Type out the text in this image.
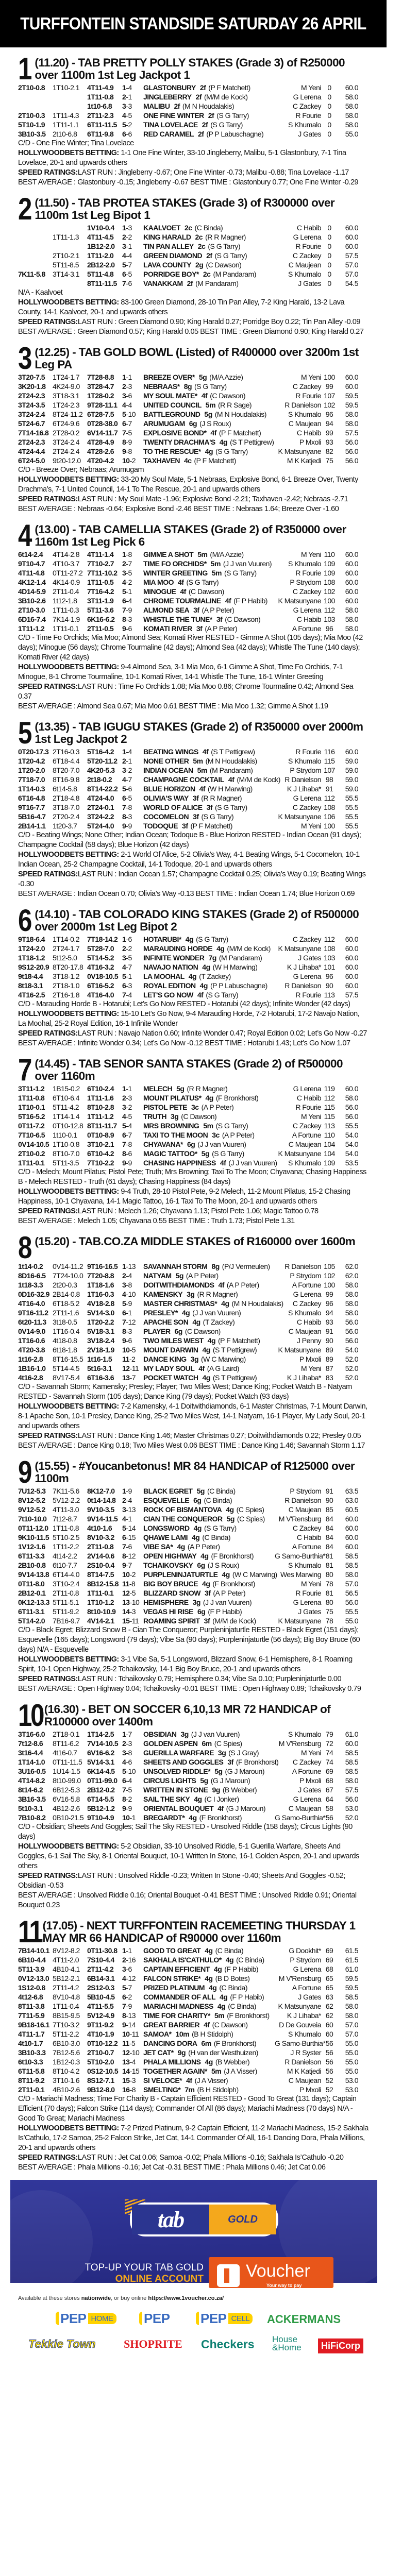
TURFFONTEIN STANDSIDE SATURDAY 26 APRIL
1 (11.20) - TAB PRETTY POLLY STAKES (Grade 3) of R250000 over 1100m 1st Leg Jackpot 1
2T10-0.8	1T10-2.1	4T11-4.9	1-4	GLASTONBURY 2f (P F Matchett)	M Yeni	0	60.0
		1T11-0.8	2-1	JINGLEBERRY 2f (M/M de Kock)	G Lerena	0	58.0
		1t10-6.8	3-3	MALIBU 2f (M N Houdalakis)	C Zackey	0	58.0
2T10-0.3	1T11-4.3	2T11-2.3	4-5	ONE FINE WINTER 2f (S G Tarry)	R Fourie	0	58.0
5T10-1.9	1T11-1.1	6T11-11.5	5-2	TINA LOVELACE 2f (S G Tarry)	S Khumalo	0	58.0
3B10-3.5	2t10-6.8	6T11-9.8	6-6	RED CARAMEL 2f (P P Labuschagne)	J Gates	0	55.0

C/D - One Fine Winter; Tina Lovelace

HOLLYWOODBETS BETTING: 1-1 One Fine Winter, 33-10 Jingleberry, Malibu, 5-1 Glastonbury, 7-1 Tina Lovelace, 20-1 and upwards others

SPEED RATINGS:LAST RUN : Jingleberry -0.67; One Fine Winter -0.73; Malibu -0.88; Tina Lovelace -1.17

BEST AVERAGE : Glastonbury -0.15; Jingleberry -0.67 BEST TIME : Glastonbury 0.77; One Fine Winter -0.29

2 (11.50) - TAB PROTEA STAKES (Grade 3) of R300000 over 1100m 1st Leg Bipot 1
		1V10-0.4	1-3	KAALVOET 2c (C Binda)	C Habib	0	60.0
	1T11-1.3	4T11-4.5	2-2	KING HARALD 2c (R R Magner)	G Lerena	0	60.0
		1B12-2.0	3-1	TIN PAN ALLEY 2c (S G Tarry)	R Fourie	0	60.0
	2T10-2.1	1T11-2.0	4-4	GREEN DIAMOND 2f (S G Tarry)	C Zackey	0	57.5
	5T11-8.5	2B12-2.0	5-7	LAVA COUNTY 2g (C Dawson)	C Maujean	0	57.0
7K11-5.8	3T14-3.1	5T11-4.8	6-5	PORRIDGE BOY* 2c (M Pandaram)	S Khumalo	0	57.0
		8T11-11.5	7-6	VANAKKAM 2f (M Pandaram)	J Gates	0	54.5

N/A - Kaalvoet

HOLLYWOODBETS BETTING: 83-100 Green Diamond, 28-10 Tin Pan Alley, 7-2 King Harald, 13-2 Lava County, 14-1 Kaalvoet, 20-1 and upwards others

SPEED RATINGS:LAST RUN : Green Diamond 0.90; King Harald 0.27; Porridge Boy 0.22; Tin Pan Alley -0.09

BEST AVERAGE : Green Diamond 0.57; King Harald 0.05 BEST TIME : Green Diamond 0.90; King Harald 0.27

3 (12.25) - TAB GOLD BOWL (Listed) of R400000 over 3200m 1st Leg PA
3T20-7.5	1T24-1.7	7T28-8.8	1-1	BREEZE OVER* 5g (M/A Azzie)	M Yeni	100	60.0
3K20-1.8	4K24-9.0	3T28-4.7	2-3	NEBRAAS* 8g (S G Tarry)	C Zackey	99	60.0
2T24-2.3	3T18-3.1	1T28-0.2	3-6	MY SOUL MATE* 4f (C Dawson)	R Fourie	107	59.5
3T24-3.5	1T24-2.3	9T28-11.1	4-4	UNITED COUNCIL 5m (R R Sage)	R Danielson	102	59.5
3T24-2.4	8T24-11.2	6T28-7.5	5-10	BATTLEGROUND 5g (M N Houdalakis)	S Khumalo	96	58.0
5T24-6.7	6T24-9.6	0T28-38.0	6-7	ARUMUGAM 6g (J S Roux)	C Maujean	94	58.0
7T14-16.8	2T28-0.2	6V14-11.7	7-5	EXPLOSIVE BOND* 4f (P F Matchett)	C Habib	99	57.5
2T24-2.3	3T24-2.4	4T28-4.9	8-9	TWENTY DRACHMA'S 4g (S T Pettigrew)	P Mxoli	93	56.0
4T24-4.4	2T24-2.4	4T28-2.6	9-8	TO THE RESCUE* 4g (S G Tarry)	K Matsunyane	82	56.0
6T24-5.0	9t20-12.0	4T20-4.2	10-2	TAXHAVEN 4c (P F Matchett)	M K Katjedi	75	56.0

C/D - Breeze Over; Nebraas; Arumugam

HOLLYWOODBETS BETTING: 33-20 My Soul Mate, 5-1 Nebraas, Explosive Bond, 6-1 Breeze Over, Twenty Drachma’s, 7-1 United Council, 14-1 To The Rescue, 20-1 and upwards others

SPEED RATINGS:LAST RUN : My Soul Mate -1.96; Explosive Bond -2.21; Taxhaven -2.42; Nebraas -2.71

BEST AVERAGE : Nebraas -0.64; Explosive Bond -2.46 BEST TIME : Nebraas 1.64; Breeze Over -1.60

4 (13.00) - TAB CAMELLIA STAKES (Grade 2) of R350000 over 1160m 1st Leg Pick 6
6t14-2.4	4T14-2.8	4T11-1.4	1-8	GIMME A SHOT 5m (M/A Azzie)	M Yeni	110	60.0
9T10-4.7	4T10-3.7	7T10-2.7	2-7	TIME FO ORCHIDS* 5m (J J van Vuuren)	S Khumalo	109	60.0
4T11-4.8	0T11-27.2	7T11-10.2	3-5	WINTER GREETING 5m (S G Tarry)	R Fourie	109	60.0
4K12-1.4	4K14-0.9	1T11-0.5	4-2	MIA MOO 4f (S G Tarry)	P Strydom	108	60.0
4D14-5.9	2T11-0.4	7T16-4.2	5-1	MINOGUE 4f (C Dawson)	C Zackey	102	60.0
3B10-2.6	1t12-1.8	3T11-1.9	6-4	CHROME TOURMALINE 4f (F P Habib)	K Matsunyane	100	60.0
2T10-3.0	1T11-0.3	5T11-3.6	7-9	ALMOND SEA 3f (A P Peter)	G Lerena	112	58.0
6D16-7.4	7K14-1.9	6K16-6.2	8-3	WHISTLE THE TUNE* 3f (C Dawson)	C Habib	103	58.0
1T11-1.2	1T11-0.1	2T11-0.5	9-6	KOMATI RIVER 3f (A P Peter)	A Fortune	96	58.0

C/D - Time Fo Orchids; Mia Moo; Almond Sea; Komati River RESTED - Gimme A Shot (105 days); Mia Moo (42 days); Minogue (56 days); Chrome Tourmaline (42 days); Almond Sea (42 days); Whistle The Tune (140 days); Komati River (42 days)

HOLLYWOODBETS BETTING: 9-4 Almond Sea, 3-1 Mia Moo, 6-1 Gimme A Shot, Time Fo Orchids, 7-1 Minogue, 8-1 Chrome Tourmaline, 10-1 Komati River, 14-1 Whistle The Tune, 16-1 Winter Greeting

SPEED RATINGS:LAST RUN : Time Fo Orchids 1.08; Mia Moo 0.86; Chrome Tourmaline 0.42; Almond Sea 0.37

BEST AVERAGE : Almond Sea 0.67; Mia Moo 0.61 BEST TIME : Mia Moo 1.32; Gimme A Shot 1.19

5 (13.35) - TAB IGUGU STAKES (Grade 2) of R350000 over 2000m 1st Leg Jackpot 2
0T20-17.3	2T16-0.3	5T16-4.2	1-4	BEATING WINGS 4f (S T Pettigrew)	R Fourie	116	60.0
1T20-4.2	6T18-4.4	5T20-11.2	2-1	NONE OTHER 5m (M N Houdalakis)	S Khumalo	115	59.0
1T20-2.0	8T20-7.0	4K20-5.3	3-2	INDIAN OCEAN 5m (M Pandaram)	P Strydom	107	59.0
7T18-7.0	8T16-9.8	2t18-0.2	4-7	CHAMPAGNE COCKTAIL 4f (M/M de Kock)	R Danielson	98	59.0
1T14-0.3	6t14-5.8	8T14-22.2	5-6	BLUE HORIZON 4f (W H Marwing)	K J Lihaba*	91	59.0
6T16-4.8	2T18-4.8	4T24-4.0	6-5	OLIVIA'S WAY 3f (R R Magner)	G Lerena	112	55.5
9T16-7.7	3T18-7.0	2T24-0.1	7-8	WORLD OF ALICE 3f (S G Tarry)	C Zackey	108	55.5
5B16-4.7	2T20-2.4	3T24-2.2	8-3	COCOMELON 3f (S G Tarry)	K Matsunyane	106	55.5
2B14-1.1	1t20-3.7	5T24-4.0	9-9	TODOQUE 3f (P F Matchett)	M Yeni	100	55.5

C/D - Beating Wings; None Other; Indian Ocean; Todoque B - Blue Horizon RESTED - Indian Ocean (91 days); Champagne Cocktail (58 days); Blue Horizon (42 days)

HOLLYWOODBETS BETTING: 2-1 World Of Alice, 5-2 Olivia’s Way, 4-1 Beating Wings, 5-1 Cocomelon, 10-1 Indian Ocean, 25-2 Champagne Cocktail, 14-1 Todoque, 20-1 and upwards others

SPEED RATINGS:LAST RUN : Indian Ocean 1.57; Champagne Cocktail 0.25; Olivia’s Way 0.19; Beating Wings -0.30

BEST AVERAGE : Indian Ocean 0.70; Olivia’s Way -0.13 BEST TIME : Indian Ocean 1.74; Blue Horizon 0.69

6 (14.10) - TAB COLORADO KING STAKES (Grade 2) of R500000 over 2000m 1st Leg Bipot 2
9T18-6.4	1T14-0.2	7T18-14.2	1-6	HOTARUBI* 4g (S G Tarry)	C Zackey	112	60.0
1T24-2.0	2T24-1.7	5T28-7.0	2-2	MARAUDING HORDE 4g (M/M de Kock)	K Matsunyane	108	60.0
1T18-1.2	5t12-5.0	5T14-5.2	3-5	INFINITE WONDER 7g (M Pandaram)	J Gates	103	60.0
9S12-20.9	8T20-17.8	4T16-3.2	4-7	NAVAJO NATION 4g (W H Marwing)	K J Lihaba*	101	60.0
9t18-4.4	3T18-1.2	0V18-10.5	5-1	LA MOOHAL 4g (T Zackey)	G Lerena	96	60.0
8t18-3.1	2T18-1.0	6T16-5.2	6-3	ROYAL EDITION 4g (P P Labuschagne)	R Danielson	90	60.0
4T16-2.5	2T16-1.8	4T16-4.0	7-4	LET'S GO NOW 4f (S G Tarry)	R Fourie	113	57.5

C/D - Marauding Horde B - Hotarubi; Let’s Go Now RESTED - Hotarubi (42 days); Infinite Wonder (42 days)

HOLLYWOODBETS BETTING: 15-10 Let’s Go Now, 9-4 Marauding Horde, 7-2 Hotarubi, 17-2 Navajo Nation, La Moohal, 25-2 Royal Edition, 16-1 Infinite Wonder

SPEED RATINGS:LAST RUN : Navajo Nation 0.60; Infinite Wonder 0.47; Royal Edition 0.02; Let’s Go Now -0.27

BEST AVERAGE : Infinite Wonder 0.34; Let’s Go Now -0.12 BEST TIME : Hotarubi 1.43; Let’s Go Now 1.07

7 (14.45) - TAB SENOR SANTA STAKES (Grade 2) of R500000 over 1160m
3T11-1.2	1B15-0.2	6T10-2.4	1-1	MELECH 5g (R R Magner)	G Lerena	119	60.0
1T11-0.8	6T10-6.4	1T11-1.6	2-3	MOUNT PILATUS* 4g (F Bronkhorst)	C Habib	112	58.0
1T10-0.1	5T11-4.2	8T10-2.8	3-2	PISTOL PETE 3c (A P Peter)	R Fourie	115	56.0
5T16-5.2	1T14-1.4	1T11-1.2	4-5	TRUTH 3g (C Dawson)	M Yeni	115	56.0
0T11-7.2	0T10-12.8	8T11-11.7	5-4	MRS BROWNING 5m (S G Tarry)	C Zackey	113	55.5
7T10-6.5	1t10-0.1	0T10-8.9	6-7	TAXI TO THE MOON 3c (A P Peter)	A Fortune	110	54.0
0V14-10.5	1T10-0.8	3T10-2.1	7-8	CHYAVANA* 6g (J J van Vuuren)	C Maujean	104	54.0
2T10-0.2	8T10-7.0	6T10-4.2	8-6	MAGIC TATTOO* 5g (S G Tarry)	K Matsunyane	104	54.0
1T11-0.1	5T11-3.5	7T10-2.2	9-9	CHASING HAPPINESS 4f (J J van Vuuren)	S Khumalo	109	53.5

C/D - Melech; Mount Pilatus; Pistol Pete; Truth; Mrs Browning; Taxi To The Moon; Chyavana; Chasing Happiness B - Melech RESTED - Truth (61 days); Chasing Happiness (84 days)

HOLLYWOODBETS BETTING: 9-4 Truth, 28-10 Pistol Pete, 9-2 Melech, 11-2 Mount Pilatus, 15-2 Chasing Happiness, 10-1 Chyavana, 14-1 Magic Tattoo, 16-1 Taxi To The Moon, 20-1 and upwards others

SPEED RATINGS:LAST RUN : Melech 1.26; Chyavana 1.13; Pistol Pete 1.06; Magic Tattoo 0.78

BEST AVERAGE : Melech 1.05; Chyavana 0.55 BEST TIME : Truth 1.73; Pistol Pete 1.31

8 (15.20) - TAB.CO.ZA MIDDLE STAKES of R160000 over 1600m
1t14-0.2	0V14-11.2	9T16-16.5	1-13	SAVANNAH STORM 8g (P/J Vermeulen)	R Danielson	105	62.0
8D16-6.5	7T24-10.0	7T20-8.8	2-4	NATYAM 5g (A P Peter)	P Strydom	102	62.0
1t18-3.3	2t20-0.3	1T18-1.6	3-8	DOITWITHDIAMONDS 4f (A P Peter)	A Fortune	100	58.0
0D16-32.9	2B14-0.8	1T16-0.3	4-10	KAMENSKY 3g (R R Magner)	G Lerena	99	58.0
4T16-4.0	6T18-5.2	4V18-2.8	5-9	MASTER CHRISTMAS* 4g (M N Houdalakis)	C Zackey	96	58.0
9T16-11.2	2T11-1.6	5V14-3.0	6-1	PRESLEY* 4g (J J van Vuuren)	S Khumalo	94	58.0
6t20-11.3	3t18-0.5	1T20-2.2	7-12	APACHE SON 4g (T Zackey)	C Habib	93	56.0
0V14-9.0	1T16-0.4	5V18-3.1	8-3	PLAYER 6g (C Dawson)	C Maujean	91	56.0
1T16-0.6	4t18-0.8	3V18-2.4	9-6	TWO MILES WEST 4g (P F Matchett)	J Penny	90	56.0
4T20-3.8	6t18-1.8	2V18-1.9	10-5	MOUNT DARWIN 4g (S T Pettigrew)	K Matsunyane	89	54.0
1t16-2.8	8T16-15.5	1t16-1.5	11-2	DANCE KING 3g (W C Marwing)	P Mxoli	89	52.0
1B16-1.0	5T14-4.5	5t16-3.1	12-11	MY LADY SOUL 4f (A G Laird)	M Yeni	87	52.0
4t16-2.8	8V17-5.4	6T16-3.6	13-7	POCKET WATCH 4g (S T Pettigrew)	K J Lihaba*	83	52.0

C/D - Savannah Storm; Kamensky; Presley; Player; Two Miles West; Dance King; Pocket Watch B - Natyam RESTED - Savannah Storm (105 days); Dance King (79 days); Pocket Watch (93 days)

HOLLYWOODBETS BETTING: 7-2 Kamensky, 4-1 Doitwithdiamonds, 6-1 Master Christmas, 7-1 Mount Darwin, 8-1 Apache Son, 10-1 Presley, Dance King, 25-2 Two Miles West, 14-1 Natyam, 16-1 Player, My Lady Soul, 20-1 and upwards others

SPEED RATINGS:LAST RUN : Dance King 1.46; Master Christmas 0.27; Doitwithdiamonds 0.22; Presley 0.05

BEST AVERAGE : Dance King 0.18; Two Miles West 0.06 BEST TIME : Dance King 1.46; Savannah Storm 1.17

9 (15.55) - #Youcanbetonus! MR 84 HANDICAP of R125000 over 1100m
7U12-5.3	7K11-5.6	8K12-7.0	1-9	BLACK EGRET 5g (C Binda)	P Strydom	91	63.5
8V12-5.2	5V12-2.2	0t14-14.8	2-4	ESQUEVELLE 6g (C Binda)	R Danielson	90	63.0
9V12-5.2	4T11-3.0	9V10-3.5	3-13	ROCK OF BISMANTOVA 4g (C Spies)	C Maujean	85	60.5
7t10-10.0	7t12-8.7	9V14-11.5	4-1	CIAN THE CONQUEROR 5g (C Spies)	M V'Rensburg	84	60.0
0T11-12.0	1T11-0.8	4t10-1.6	5-14	LONGSWORD 4g (S G Tarry)	C Zackey	84	60.0
9K10-11.5	5T10-2.5	8V10-3.2	6-15	QHAWE LAMI 4g (C Binda)	C Habib	84	60.0
1V12-1.6	1T11-2.2	2T11-0.8	7-6	VIBE SA* 4g (A P Peter)	A Fortune	84	60.0
6T11-3.3	4t14-2.2	2V14-0.6	8-12	OPEN HIGHWAY 4g (F Bronkhorst)	G Samo-Burthia*	81	58.5
2B10-0.8	6t10-7.7	2S10-0.4	9-7	TCHAIKOVSKY 6g (J S Roux)	S Khumalo	81	58.5
9V14-13.8	6T14-4.0	8T14-7.5	10-2	PURPLENINJATURTLE 4g (W C Marwing)	Wes Marwing	80	58.0
0T11-8.0	3T10-2.4	8B12-15.8	11-8	BIG BOY BRUCE 4g (F Bronkhorst)	M Yeni	78	57.0
2B12-0.1	2T11-0.8	1T11-0.1	12-5	BLIZZARD SNOW 3f (A P Peter)	R Fourie	81	56.5
0K12-13.3	5T11-5.1	1T10-1.2	13-10	HEMISPHERE 3g (J J van Vuuren)	G Lerena	80	56.0
6T11-3.1	5T11-9.2	8t10-10.9	14-3	VEGAS HI RISE 6g (F P Habib)	J Gates	75	55.5
5T14-2.0	7B16-9.7	4V14-2.1	15-11	ROAMING SPIRIT 3f (M/M de Kock)	K Matsunyane	78	55.0

C/D - Black Egret; Blizzard Snow B - Cian The Conqueror; Purpleninjaturtle RESTED - Black Egret (151 days); Esquevelle (165 days); Longsword (79 days); Vibe Sa (90 days); Purpleninjaturtle (56 days); Big Boy Bruce (60 days) N/A - Esquevelle

HOLLYWOODBETS BETTING: 3-1 Vibe Sa, 5-1 Longsword, Blizzard Snow, 6-1 Hemisphere, 8-1 Roaming Spirit, 10-1 Open Highway, 25-2 Tchaikovsky, 14-1 Big Boy Bruce, 20-1 and upwards others

SPEED RATINGS:LAST RUN : Tchaikovsky 0.79; Hemisphere 0.34; Vibe Sa 0.10; Purpleninjaturtle 0.00

BEST AVERAGE : Open Highway 0.04; Tchaikovsky -0.01 BEST TIME : Open Highway 0.89; Tchaikovsky 0.79

10 (16.30) - BET ON SOCCER 6,10,13 MR 72 HANDICAP of R100000 over 1400m
3T16-6.0	2T18-0.1	1T14-2.5	1-7	OBSIDIAN 3g (J J van Vuuren)	S Khumalo	79	61.0
7t12-8.6	8T11-6.2	7V14-10.5	2-3	GOLDEN ASPEN 6m (C Spies)	M V'Rensburg	72	60.0
3t16-4.4	4t16-0.7	6V16-6.2	3-8	GUERILLA WARFARE 3g (S J Gray)	M Yeni	74	58.5
1T14-1.0	0T11-11.5	5V14-3.1	4-6	SHEETS AND GOGGLES 3f (F Bronkhorst)	C Zackey	74	58.5
3U16-0.5	1U14-1.5	6K14-4.5	5-10	UNSOLVED RIDDLE* 5g (G J Maroun)	A Fortune	69	58.5
4T14-8.2	8t10-99.0	0T11-99.0	6-4	CIRCUS LIGHTS 5g (G J Maroun)	P Mxoli	68	58.0
8t14-6.2	6B12-5.3	2B12-0.2	7-5	WRITTEN IN STONE 9g (B Webber)	J Gates	67	57.5
3B16-3.5	6V16-5.8	6T14-5.5	8-2	SAIL THE SKY 4g (C I Jonker)	G Lerena	64	56.0
5t10-3.1	4B12-2.6	5B12-1.2	9-9	ORIENTAL BOUQUET 4f (G J Maroun)	C Maujean	58	53.0
7B10-8.2	0B10-21.5	9T10-4.9	10-1	BREGARDT* 4g (F Bronkhorst)	G Samo-Burthia*	56	52.0

C/D - Obsidian; Sheets And Goggles; Sail The Sky RESTED - Unsolved Riddle (158 days); Circus Lights (90 days)

HOLLYWOODBETS BETTING: 5-2 Obsidian, 33-10 Unsolved Riddle, 5-1 Guerilla Warfare, Sheets And Goggles, 6-1 Sail The Sky, 8-1 Oriental Bouquet, 10-1 Written In Stone, 16-1 Golden Aspen, 20-1 and upwards others

SPEED RATINGS:LAST RUN : Unsolved Riddle -0.23; Written In Stone -0.40; Sheets And Goggles -0.52; Obsidian -0.53

BEST AVERAGE : Unsolved Riddle 0.16; Oriental Bouquet -0.41 BEST TIME : Unsolved Riddle 0.91; Oriental Bouquet 0.23

11 (17.05) - NEXT TURFFONTEIN RACEMEETING THURSDAY 1 MAY MR 66 HANDICAP of R90000 over 1160m
7B14-10.1	8V12-8.2	0T11-30.8	1-1	GOOD TO GREAT 4g (C Binda)	G Dookhit*	69	61.5
6B10-4.4	4T11-2.0	7S10-4.4	2-16	SAKHALA IS'CATHULO* 4g (C Binda)	P Strydom	69	61.5
5T11-3.9	4B10-4.1	2T11-4.2	3-6	CAPTAIN EFFICIENT 4g (F P Habib)	G Lerena	68	61.0
0V12-13.0	5B12-2.1	6B14-3.1	4-12	FALCON STRIKE* 4g (B D Botes)	M V'Rensburg	65	59.5
1S12-0.8	2T11-4.2	2S12-0.3	5-7	PRIZED PLATINUM 4g (C Binda)	A Fortune	65	59.5
4t12-6.8	8V10-4.8	5B10-4.5	6-2	COMMANDER OF ALL 4g (F P Habib)	J Gates	63	58.5
8T11-3.8	1T11-0.4	4T11-5.5	7-9	MARIACHI MADNESS 4g (C Binda)	K Matsunyane	62	58.0
7T11-5.9	8B15-9.5	5V12-4.9	8-13	TIME FOR CHARITY* 5m (F Bronkhorst)	K J Lihaba*	62	58.0
9B18-16.1	7T10-3.2	9T11-9.2	9-14	GREAT BARRIER 4f (C Dawson)	D De Gouveia	60	57.0
4T11-1.7	5T11-2.2	4T10-1.9	10-11	SAMOA* 10m (B H Stidolph)	S Khumalo	60	57.0
4t10-1.7	6B10-3.0	0T10-12.2	11-5	DANCING DORA 6m (F Bronkhorst)	G Samo-Burthia*	56	55.0
3B10-3.3	7B12-5.6	2T10-0.7	12-10	JET CAT* 9g (H van der Westhuizen)	J R Syster	56	55.0
6t10-3.3	1B12-0.3	5T10-2.0	13-4	PHALA MILLIONS 4g (B Webber)	R Danielson	56	55.0
6T11-5.8	8T10-4.2	0S12-10.5	14-15	TOGETHER AGAIN* 5m (J A Visser)	M K Katjedi	56	55.0
8T11-9.2	3T10-1.6	8S12-7.1	15-3	SI VELOCE* 4f (J A Visser)	C Maujean	52	53.0
2T11-0.1	4B10-2.6	9B12-8.0	16-8	SMELTING* 7m (B H Stidolph)	P Mxoli	52	53.0

C/D - Mariachi Madness; Time For Charity B - Captain Efficient RESTED - Good To Great (131 days); Captain Efficient (70 days); Falcon Strike (114 days); Commander Of All (86 days); Mariachi Madness (70 days) N/A - Good To Great; Mariachi Madness

HOLLYWOODBETS BETTING: 7-2 Prized Platinum, 9-2 Captain Efficient, 11-2 Mariachi Madness, 15-2 Sakhala Is’Cathulo, 17-2 Samoa, 25-2 Falcon Strike, Jet Cat, 14-1 Commander Of All, 16-1 Dancing Dora, Phala Millions, 20-1 and upwards others

SPEED RATINGS:LAST RUN : Jet Cat 0.06; Samoa -0.02; Phala Millions -0.16; Sakhala Is’Cathulo -0.20

BEST AVERAGE : Phala Millions -0.16; Jet Cat -0.31 BEST TIME : Phala Millions 0.46; Jet Cat 0.06

tab	GOLD
TOP-UP YOUR TAB GOLD
ONLINE ACCOUNT
WITH
Voucher
Your way to pay
Available at these stores nationwide, or buy online https://www.1voucher.co.za/
PEP HOME	PEP	PEP CELL ACKERMANS
Tekkie Town SHOPRITE Checkers House
&Home	HiFiCorp
